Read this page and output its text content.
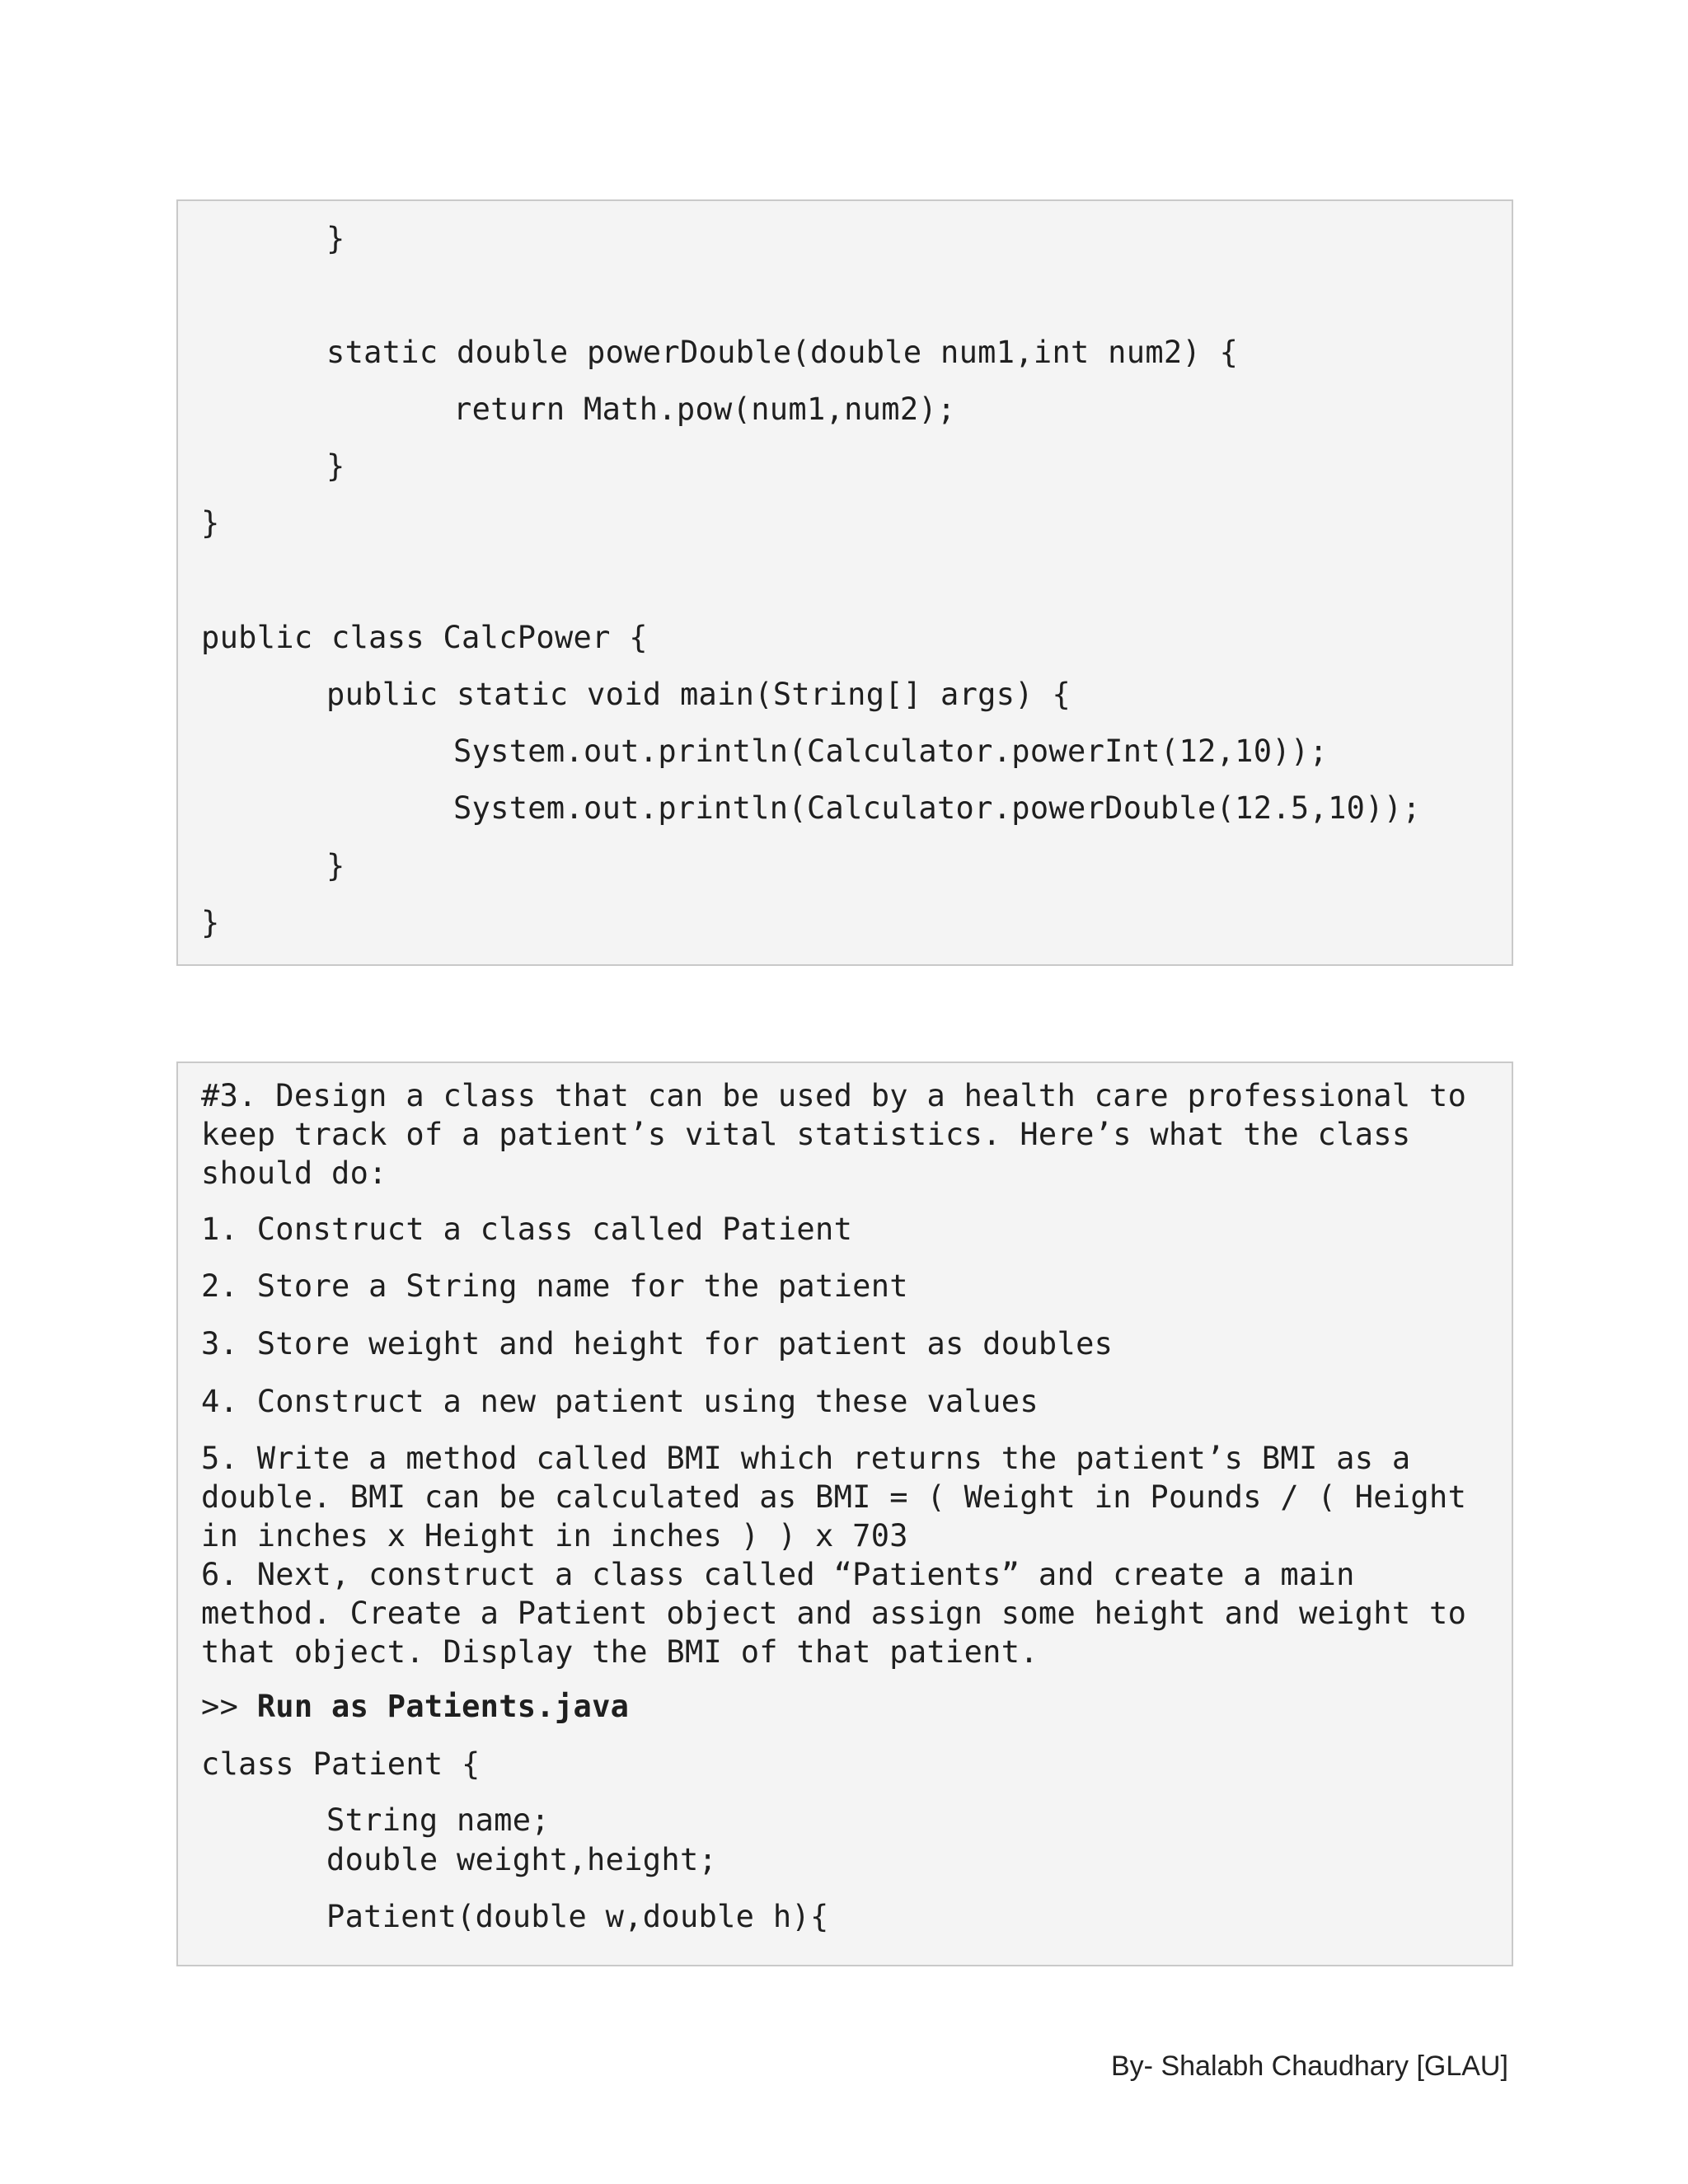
}
static double powerDouble(double num1,int num2) {
return Math.pow(num1,num2);
}
}
public class CalcPower {
public static void main(String[] args) {
System.out.println(Calculator.powerInt(12,10));
System.out.println(Calculator.powerDouble(12.5,10));
}
}
#3. Design a class that can be used by a health care professional to keep track of a patient’s vital statistics. Here’s what the class should do:
1. Construct a class called Patient
2. Store a String name for the patient
3. Store weight and height for patient as doubles
4. Construct a new patient using these values
5. Write a method called BMI which returns the patient’s BMI as a double. BMI can be calculated as BMI = ( Weight in Pounds / ( Height in inches x Height in inches ) ) x 703
6. Next, construct a class called “Patients” and create a main method. Create a Patient object and assign some height and weight to that object. Display the BMI of that patient.
>> Run as Patients.java
class Patient {
String name;
double weight,height;
Patient(double w,double h){
By- Shalabh Chaudhary [GLAU]
